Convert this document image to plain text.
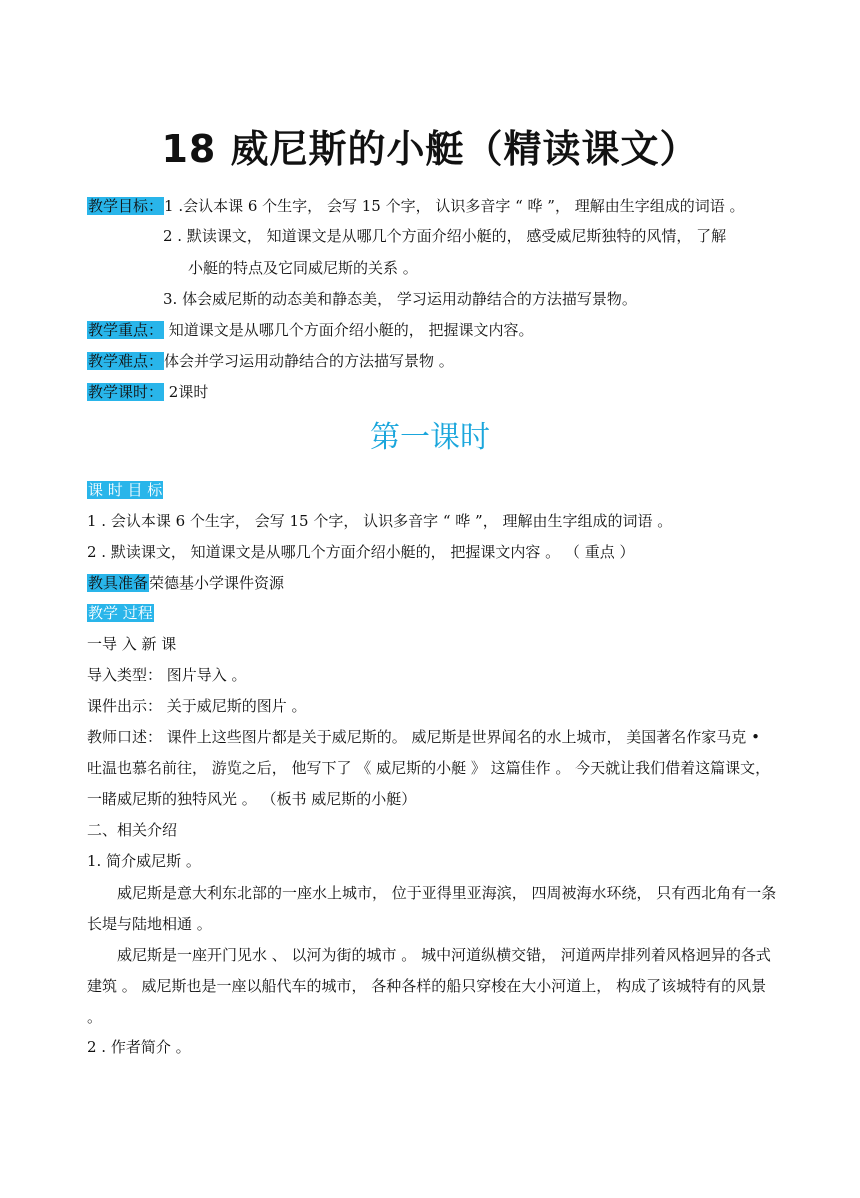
18 威尼斯的小艇（精读课文）
教学目标：1 .会认本课 6 个生字， 会写 15 个字， 认识多音字 “ 哗 ”， 理解由生字组成的词语 。
2 . 默读课文， 知道课文是从哪几个方面介绍小艇的， 感受威尼斯独特的风情， 了解
小艇的特点及它同威尼斯的关系 。
3. 体会威尼斯的动态美和静态美， 学习运用动静结合的方法描写景物。
教学重点： 知道课文是从哪几个方面介绍小艇的， 把握课文内容。
教学难点：体会并学习运用动静结合的方法描写景物 。
教学课时： 2课时
第一课时
课 时 目 标
1 . 会认本课 6 个生字， 会写 15 个字， 认识多音字 “ 哗 ”， 理解由生字组成的词语 。
2 . 默读课文， 知道课文是从哪几个方面介绍小艇的， 把握课文内容 。 （ 重点 ）
教具准备荣德基小学课件资源
教学 过程
一导 入 新 课
导入类型： 图片导入 。
课件出示： 关于威尼斯的图片 。

教师口述： 课件上这些图片都是关于威尼斯的。 威尼斯是世界闻名的水上城市， 美国著名作家马克 • 吐温也慕名前往， 游览之后， 他写下了 《 威尼斯的小艇 》 这篇佳作 。 今天就让我们借着这篇课文， 一睹威尼斯的独特风光 。 （板书 威尼斯的小艇）

二、相关介绍
1. 简介威尼斯 。

威尼斯是意大利东北部的一座水上城市， 位于亚得里亚海滨， 四周被海水环绕， 只有西北角有一条长堤与陆地相通 。

威尼斯是一座开门见水 、 以河为街的城市 。 城中河道纵横交错， 河道两岸排列着风格迥异的各式建筑 。 威尼斯也是一座以船代车的城市， 各种各样的船只穿梭在大小河道上， 构成了该城特有的风景 。

2 . 作者简介 。
